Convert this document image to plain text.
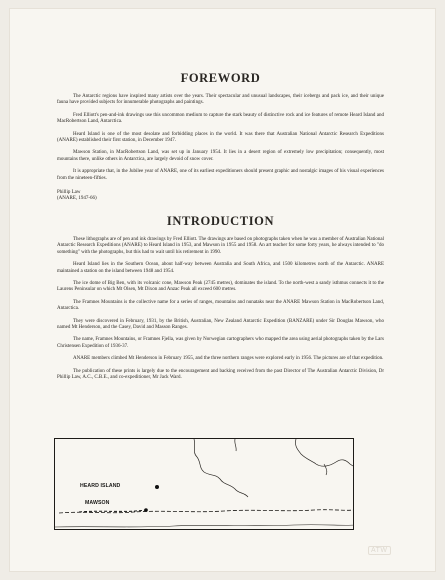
FOREWORD

The Antarctic regions have inspired many artists over the years. Their spectacular and unusual landscapes, their icebergs and pack ice, and their unique fauna have provided subjects for innumerable photographs and paintings.

Fred Elliott's pen-and-ink drawings use this uncommon medium to capture the stark beauty of distinctive rock and ice features of remote Heard Island and MacRobertson Land, Antarctica.

Heard Island is one of the most desolate and forbidding places in the world. It was there that Australian National Antarctic Research Expeditions (ANARE) established their first station, in December 1947.

Mawson Station, in MacRobertson Land, was set up in January 1954. It lies in a desert region of extremely low precipitation; consequently, most mountains there, unlike others in Antarctica, are largely devoid of snow cover.

It is appropriate that, in the Jubilee year of ANARE, one of its earliest expeditioners should present graphic and nostalgic images of his visual experiences from the nineteen-fifties.

Phillip Law
(ANARE, 1947-66)

INTRODUCTION

These lithographs are of pen and ink drawings by Fred Elliott. The drawings are based on photographs taken when he was a member of Australian National Antarctic Research Expeditions (ANARE) to Heard Island in 1953, and Mawson in 1955 and 1958. An art teacher for some forty years, he always intended to "do something" with the photographs, but this had to wait until his retirement in 1990.

Heard Island lies in the Southern Ocean, about half-way between Australia and South Africa, and 1500 kilometres north of the Antarctic. ANARE maintained a station on the island between 1948 and 1954.

The ice dome of Big Ben, with its volcanic cone, Mawson Peak (2745 metres), dominates the island. To the north-west a sandy isthmus connects it to the Laurens Peninsular on which Mt Olsen, Mt Dixon and Anzac Peak all exceed 600 metres.

The Framnes Mountains is the collective name for a series of ranges, mountains and nunataks near the ANARE Mawson Station in MacRobertson Land, Antarctica.

They were discovered in February, 1931, by the British, Australian, New Zealand Antarctic Expedition (BANZARE) under Sir Douglas Mawson, who named Mt Henderson, and the Casey, David and Masson Ranges.

The name, Framnes Mountains, or Framnes Fjella, was given by Norwegian cartographers who mapped the area using aerial photographs taken by the Lars Christensen Expedition of 1936-37.

ANARE members climbed Mt Henderson in February 1955, and the three northern ranges were explored early in 1956. The pictures are of that expedition.

The publication of these prints is largely due to the encouragement and backing received from the past Director of The Australian Antarctic Division, Dr Phillip Law, A.C., C.B.E., and co-expeditioner, Mr Jack Ward.

HEARD ISLAND
MAWSON
ATW
